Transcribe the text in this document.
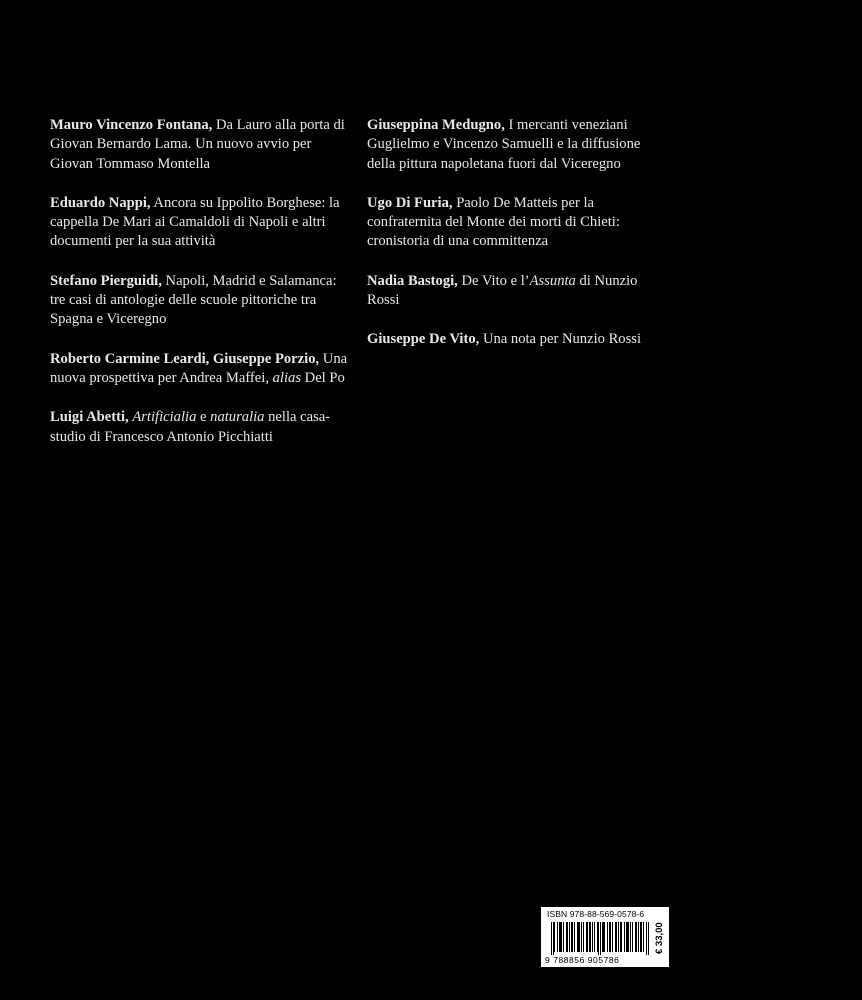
Mauro Vincenzo Fontana, Da Lauro alla porta di Giovan Bernardo Lama. Un nuovo avvio per Giovan Tommaso Montella

Eduardo Nappi, Ancora su Ippolito Borghese: la cappella De Mari ai Camaldoli di Napoli e altri documenti per la sua attività

Stefano Pierguidi, Napoli, Madrid e Salamanca: tre casi di antologie delle scuole pittoriche tra Spagna e Viceregno

Roberto Carmine Leardi, Giuseppe Porzio, Una nuova prospettiva per Andrea Maffei, alias Del Po

Luigi Abetti, Artificialia e naturalia nella casa-studio di Francesco Antonio Picchiatti

Giuseppina Medugno, I mercanti veneziani Guglielmo e Vincenzo Samuelli e la diffusione della pittura napoletana fuori dal Viceregno

Ugo Di Furia, Paolo De Matteis per la confraternita del Monte dei morti di Chieti: cronistoria di una committenza

Nadia Bastogi, De Vito e l’Assunta di Nunzio Rossi

Giuseppe De Vito, Una nota per Nunzio Rossi

ISBN 978-88-569-0578-6
9 788856 905786
€ 33,00
